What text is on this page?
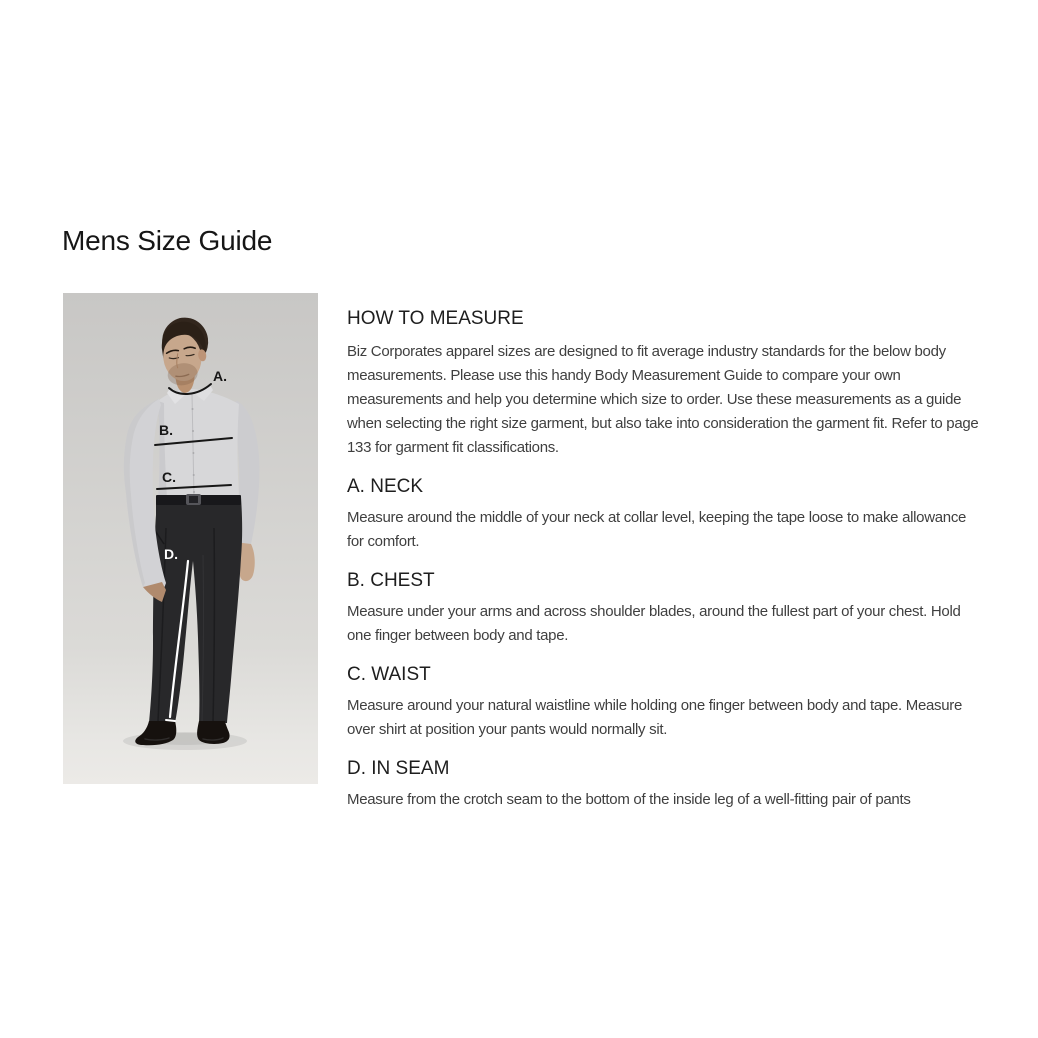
Mens Size Guide
A.
B.
C.
D.
HOW TO MEASURE

Biz Corporates apparel sizes are designed to fit average industry standards for the below body measurements. Please use this handy Body Measurement Guide to compare your own measurements and help you determine which size to order. Use these measurements as a guide when selecting the right size garment, but also take into consideration the garment fit. Refer to page 133 for garment fit classifications.

A. NECK

Measure around the middle of your neck at collar level, keeping the tape loose to make allowance for comfort.

B. CHEST

Measure under your arms and across shoulder blades, around the fullest part of your chest. Hold one finger between body and tape.

C. WAIST

Measure around your natural waistline while holding one finger between body and tape. Measure over shirt at position your pants would normally sit.

D. IN SEAM

Measure from the crotch seam to the bottom of the inside leg of a well-fitting pair of pants
